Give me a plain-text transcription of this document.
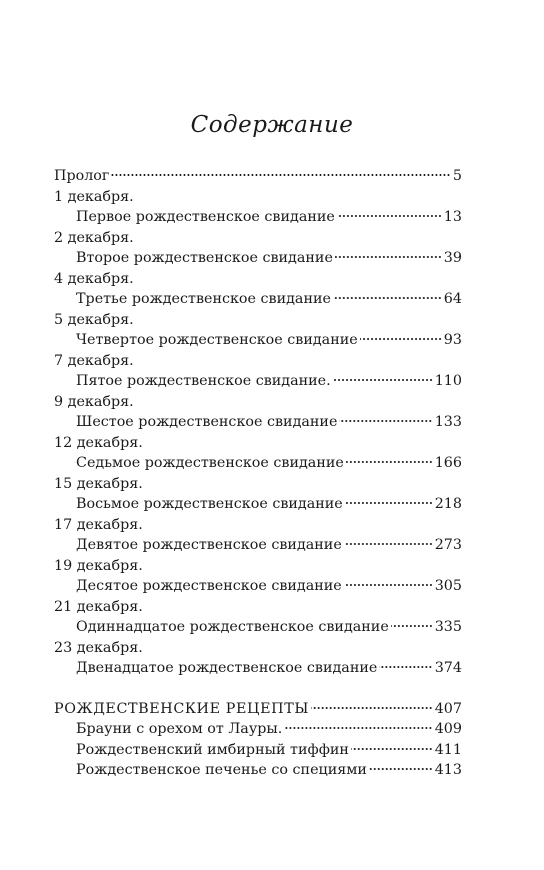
Содержание
Пролог	5
1 декабря.
Первое рождественское свидание	13
2 декабря.
Второе рождественское свидание	39
4 декабря.
Третье рождественское свидание	64
5 декабря.
Четвертое рождественское свидание	93
7 декабря.
Пятое рождественское свидание.	110
9 декабря.
Шестое рождественское свидание	133
12 декабря.
Седьмое рождественское свидание	166
15 декабря.
Восьмое рождественское свидание	218
17 декабря.
Девятое рождественское свидание	273
19 декабря.
Десятое рождественское свидание	305
21 декабря.
Одиннадцатое рождественское свидание	335
23 декабря.
Двенадцатое рождественское свидание	374
РОЖДЕСТВЕНСКИЕ РЕЦЕПТЫ	407
Брауни с орехом от Лауры.	409
Рождественский имбирный тиффин	411
Рождественское печенье со специями	413
